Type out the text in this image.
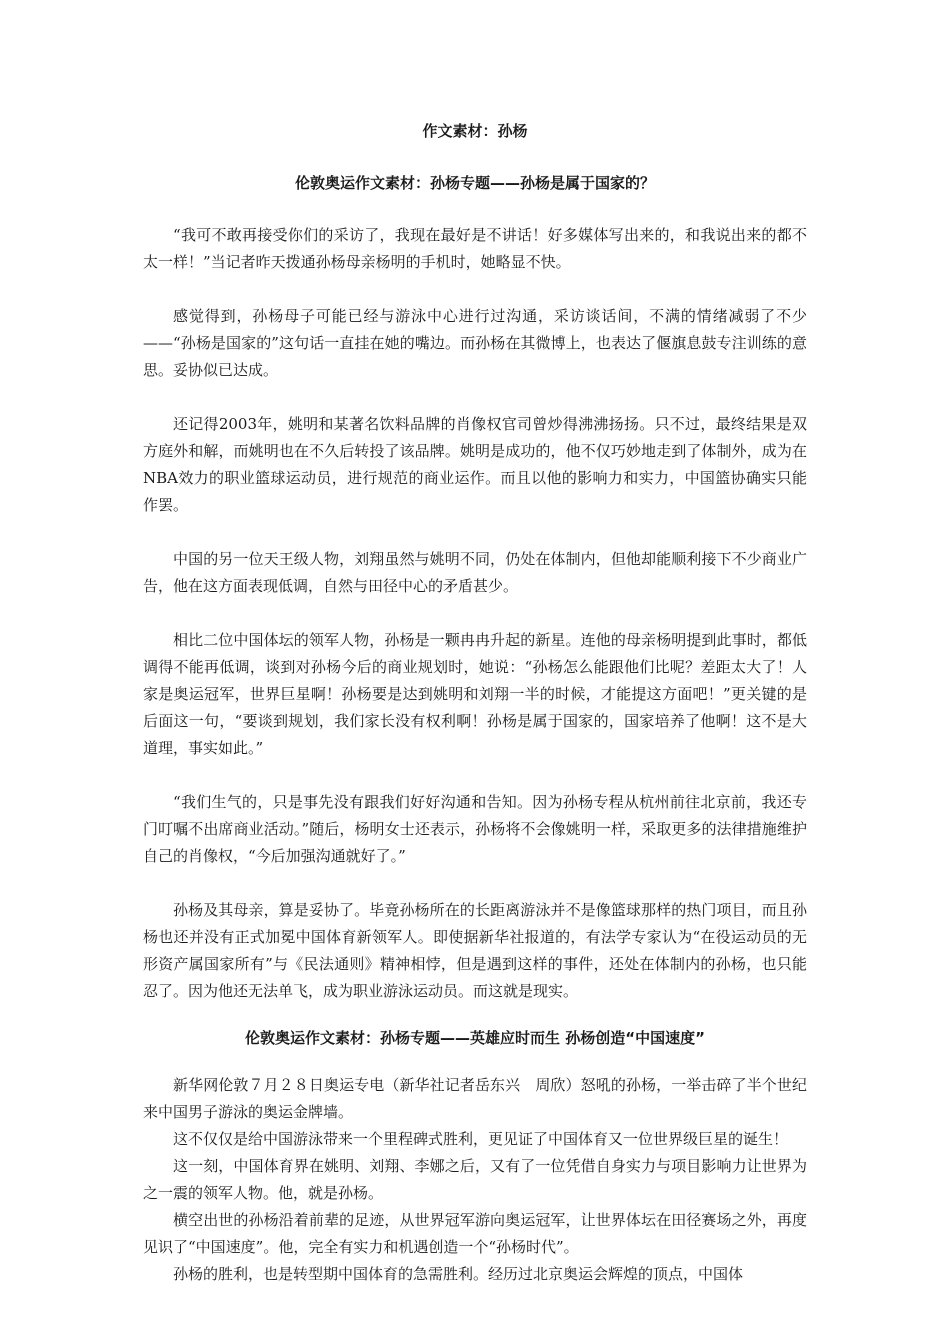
作文素材：孙杨
伦敦奥运作文素材：孙杨专题——孙杨是属于国家的？

“我可不敢再接受你们的采访了，我现在最好是不讲话！好多媒体写出来的，和我说出来的都不太一样！”当记者昨天拨通孙杨母亲杨明的手机时，她略显不快。

感觉得到，孙杨母子可能已经与游泳中心进行过沟通，采访谈话间，不满的情绪减弱了不少——“孙杨是国家的”这句话一直挂在她的嘴边。而孙杨在其微博上，也表达了偃旗息鼓专注训练的意思。妥协似已达成。

还记得2003年，姚明和某著名饮料品牌的肖像权官司曾炒得沸沸扬扬。只不过，最终结果是双方庭外和解，而姚明也在不久后转投了该品牌。姚明是成功的，他不仅巧妙地走到了体制外，成为在NBA效力的职业篮球运动员，进行规范的商业运作。而且以他的影响力和实力，中国篮协确实只能作罢。

中国的另一位天王级人物，刘翔虽然与姚明不同，仍处在体制内，但他却能顺利接下不少商业广告，他在这方面表现低调，自然与田径中心的矛盾甚少。

相比二位中国体坛的领军人物，孙杨是一颗冉冉升起的新星。连他的母亲杨明提到此事时，都低调得不能再低调，谈到对孙杨今后的商业规划时，她说：“孙杨怎么能跟他们比呢？差距太大了！人家是奥运冠军，世界巨星啊！孙杨要是达到姚明和刘翔一半的时候，才能提这方面吧！”更关键的是后面这一句，“要谈到规划，我们家长没有权利啊！孙杨是属于国家的，国家培养了他啊！这不是大道理，事实如此。”

“我们生气的，只是事先没有跟我们好好沟通和告知。因为孙杨专程从杭州前往北京前，我还专门叮嘱不出席商业活动。”随后，杨明女士还表示，孙杨将不会像姚明一样，采取更多的法律措施维护自己的肖像权，“今后加强沟通就好了。”

孙杨及其母亲，算是妥协了。毕竟孙杨所在的长距离游泳并不是像篮球那样的热门项目，而且孙杨也还并没有正式加冕中国体育新领军人。即使据新华社报道的，有法学专家认为“在役运动员的无形资产属国家所有”与《民法通则》精神相悖，但是遇到这样的事件，还处在体制内的孙杨，也只能忍了。因为他还无法单飞，成为职业游泳运动员。而这就是现实。

伦敦奥运作文素材：孙杨专题——英雄应时而生 孙杨创造“中国速度”

新华网伦敦７月２８日奥运专电（新华社记者岳东兴　周欣）怒吼的孙杨，一举击碎了半个世纪来中国男子游泳的奥运金牌墙。

这不仅仅是给中国游泳带来一个里程碑式胜利，更见证了中国体育又一位世界级巨星的诞生！

这一刻，中国体育界在姚明、刘翔、李娜之后，又有了一位凭借自身实力与项目影响力让世界为之一震的领军人物。他，就是孙杨。

横空出世的孙杨沿着前辈的足迹，从世界冠军游向奥运冠军，让世界体坛在田径赛场之外，再度见识了“中国速度”。他，完全有实力和机遇创造一个“孙杨时代”。

孙杨的胜利，也是转型期中国体育的急需胜利。经历过北京奥运会辉煌的顶点，中国体
